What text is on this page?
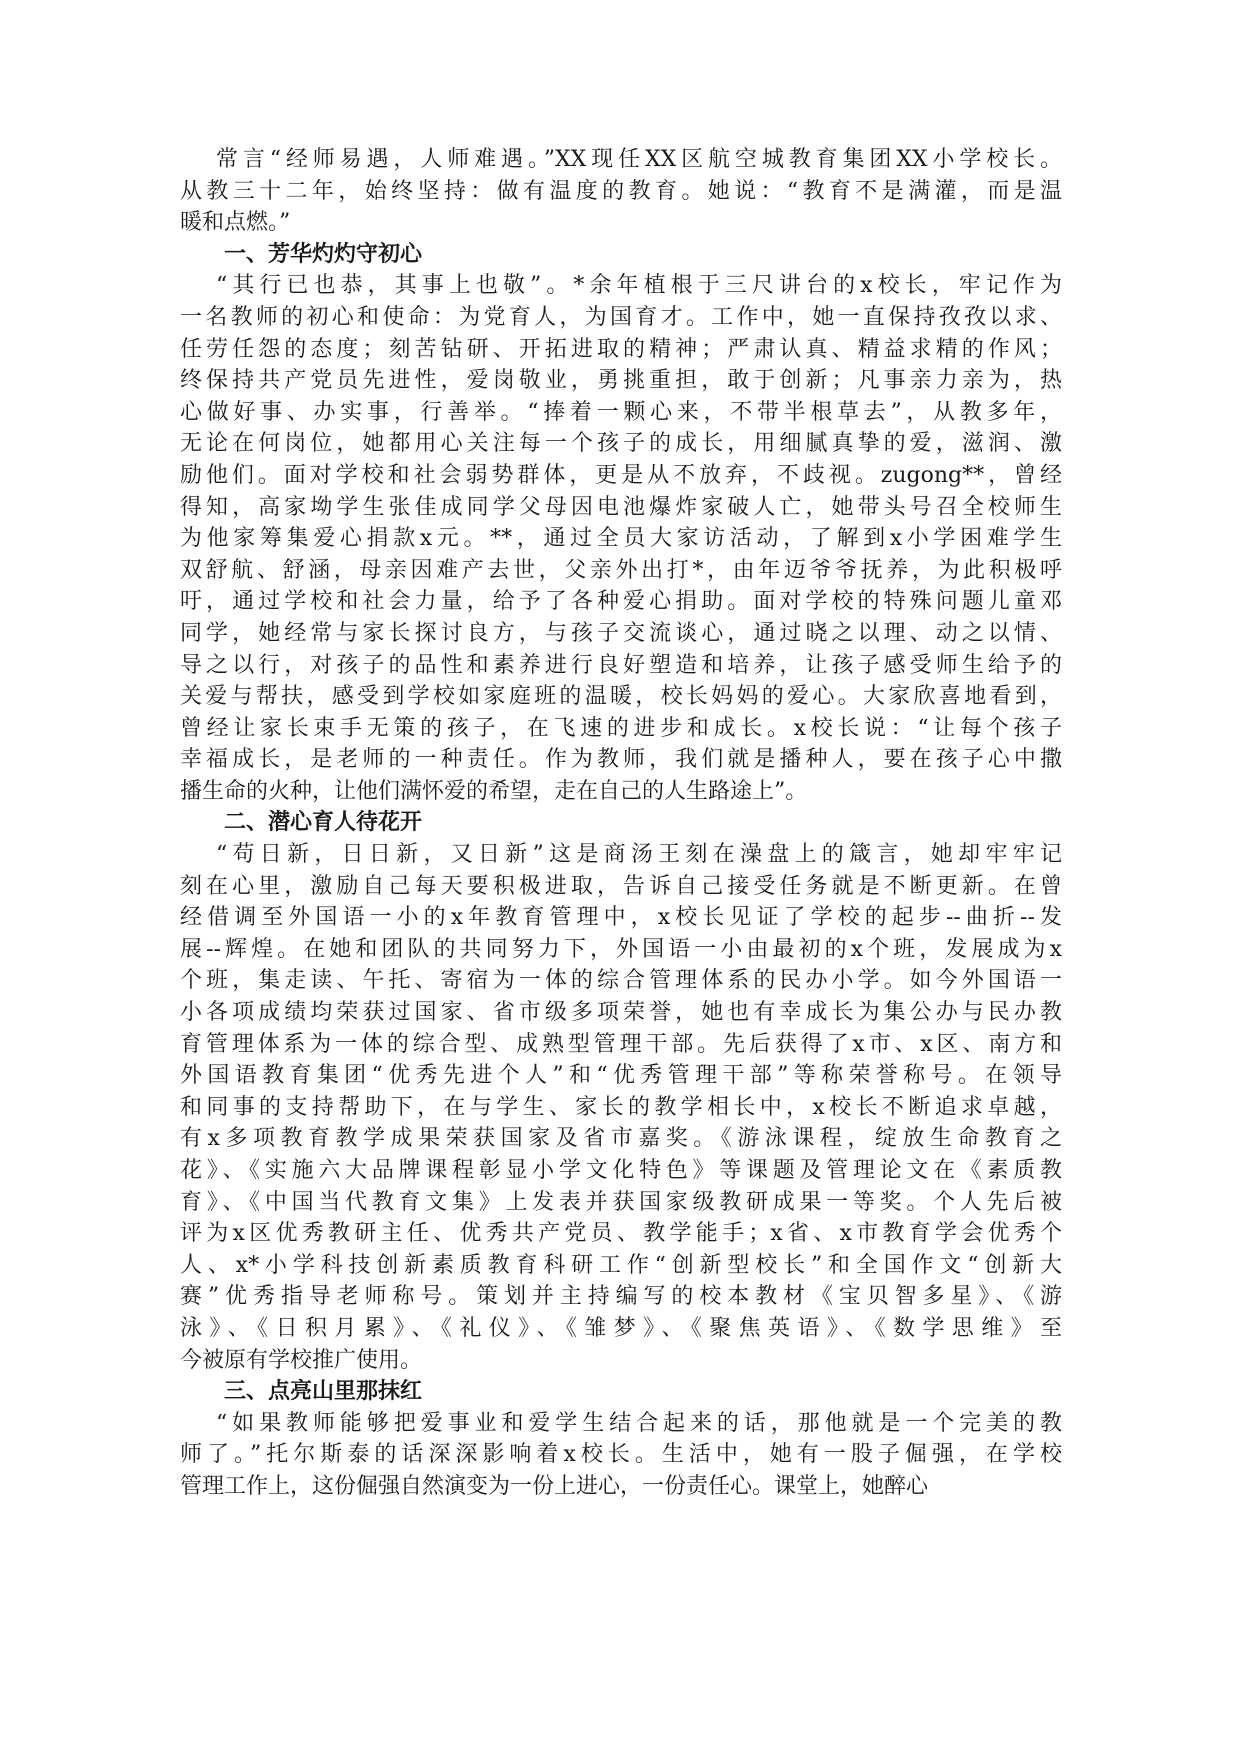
常言“经师易遇，人师难遇。”XX现任XX区航空城教育集团XX小学校长。
从教三十二年，始终坚持：做有温度的教育。她说：“教育不是满灌，而是温
暖和点燃。”
一、芳华灼灼守初心
“其行已也恭，其事上也敬”。*余年植根于三尺讲台的x校长，牢记作为
一名教师的初心和使命：为党育人，为国育才。工作中，她一直保持孜孜以求、
任劳任怨的态度；刻苦钻研、开拓进取的精神；严肃认真、精益求精的作风；
终保持共产党员先进性，爱岗敬业，勇挑重担，敢于创新；凡事亲力亲为，热
心做好事、办实事，行善举。“捧着一颗心来，不带半根草去”，从教多年，
无论在何岗位，她都用心关注每一个孩子的成长，用细腻真挚的爱，滋润、激
励他们。面对学校和社会弱势群体，更是从不放弃，不歧视。zugong**，曾经
得知，高家坳学生张佳成同学父母因电池爆炸家破人亡，她带头号召全校师生
为他家筹集爱心捐款x元。**，通过全员大家访活动，了解到x小学困难学生
双舒航、舒涵，母亲因难产去世，父亲外出打*，由年迈爷爷抚养，为此积极呼
吁，通过学校和社会力量，给予了各种爱心捐助。面对学校的特殊问题儿童邓
同学，她经常与家长探讨良方，与孩子交流谈心，通过晓之以理、动之以情、
导之以行，对孩子的品性和素养进行良好塑造和培养，让孩子感受师生给予的
关爱与帮扶，感受到学校如家庭班的温暖，校长妈妈的爱心。大家欣喜地看到，
曾经让家长束手无策的孩子，在飞速的进步和成长。x校长说：“让每个孩子
幸福成长，是老师的一种责任。作为教师，我们就是播种人，要在孩子心中撒
播生命的火种，让他们满怀爱的希望，走在自己的人生路途上”。
二、潜心育人待花开
“苟日新，日日新，又日新”这是商汤王刻在澡盘上的箴言，她却牢牢记
刻在心里，激励自己每天要积极进取，告诉自己接受任务就是不断更新。在曾
经借调至外国语一小的x年教育管理中，x校长见证了学校的起步--曲折--发
展--辉煌。在她和团队的共同努力下，外国语一小由最初的x个班，发展成为x
个班，集走读、午托、寄宿为一体的综合管理体系的民办小学。如今外国语一
小各项成绩均荣获过国家、省市级多项荣誉，她也有幸成长为集公办与民办教
育管理体系为一体的综合型、成熟型管理干部。先后获得了x市、x区、南方和
外国语教育集团“优秀先进个人”和“优秀管理干部”等称荣誉称号。在领导
和同事的支持帮助下，在与学生、家长的教学相长中，x校长不断追求卓越，
有x多项教育教学成果荣获国家及省市嘉奖。《游泳课程，绽放生命教育之
花》、《实施六大品牌课程彰显小学文化特色》等课题及管理论文在《素质教
育》、《中国当代教育文集》上发表并获国家级教研成果一等奖。个人先后被
评为x区优秀教研主任、优秀共产党员、教学能手；x省、x市教育学会优秀个
人、x*小学科技创新素质教育科研工作“创新型校长”和全国作文“创新大
赛”优秀指导老师称号。策划并主持编写的校本教材《宝贝智多星》、《游
泳》、《日积月累》、《礼仪》、《雏梦》、《聚焦英语》、《数学思维》至
今被原有学校推广使用。
三、点亮山里那抹红
“如果教师能够把爱事业和爱学生结合起来的话，那他就是一个完美的教
师了。”托尔斯泰的话深深影响着x校长。生活中，她有一股子倔强，在学校
管理工作上，这份倔强自然演变为一份上进心，一份责任心。课堂上，她醉心
